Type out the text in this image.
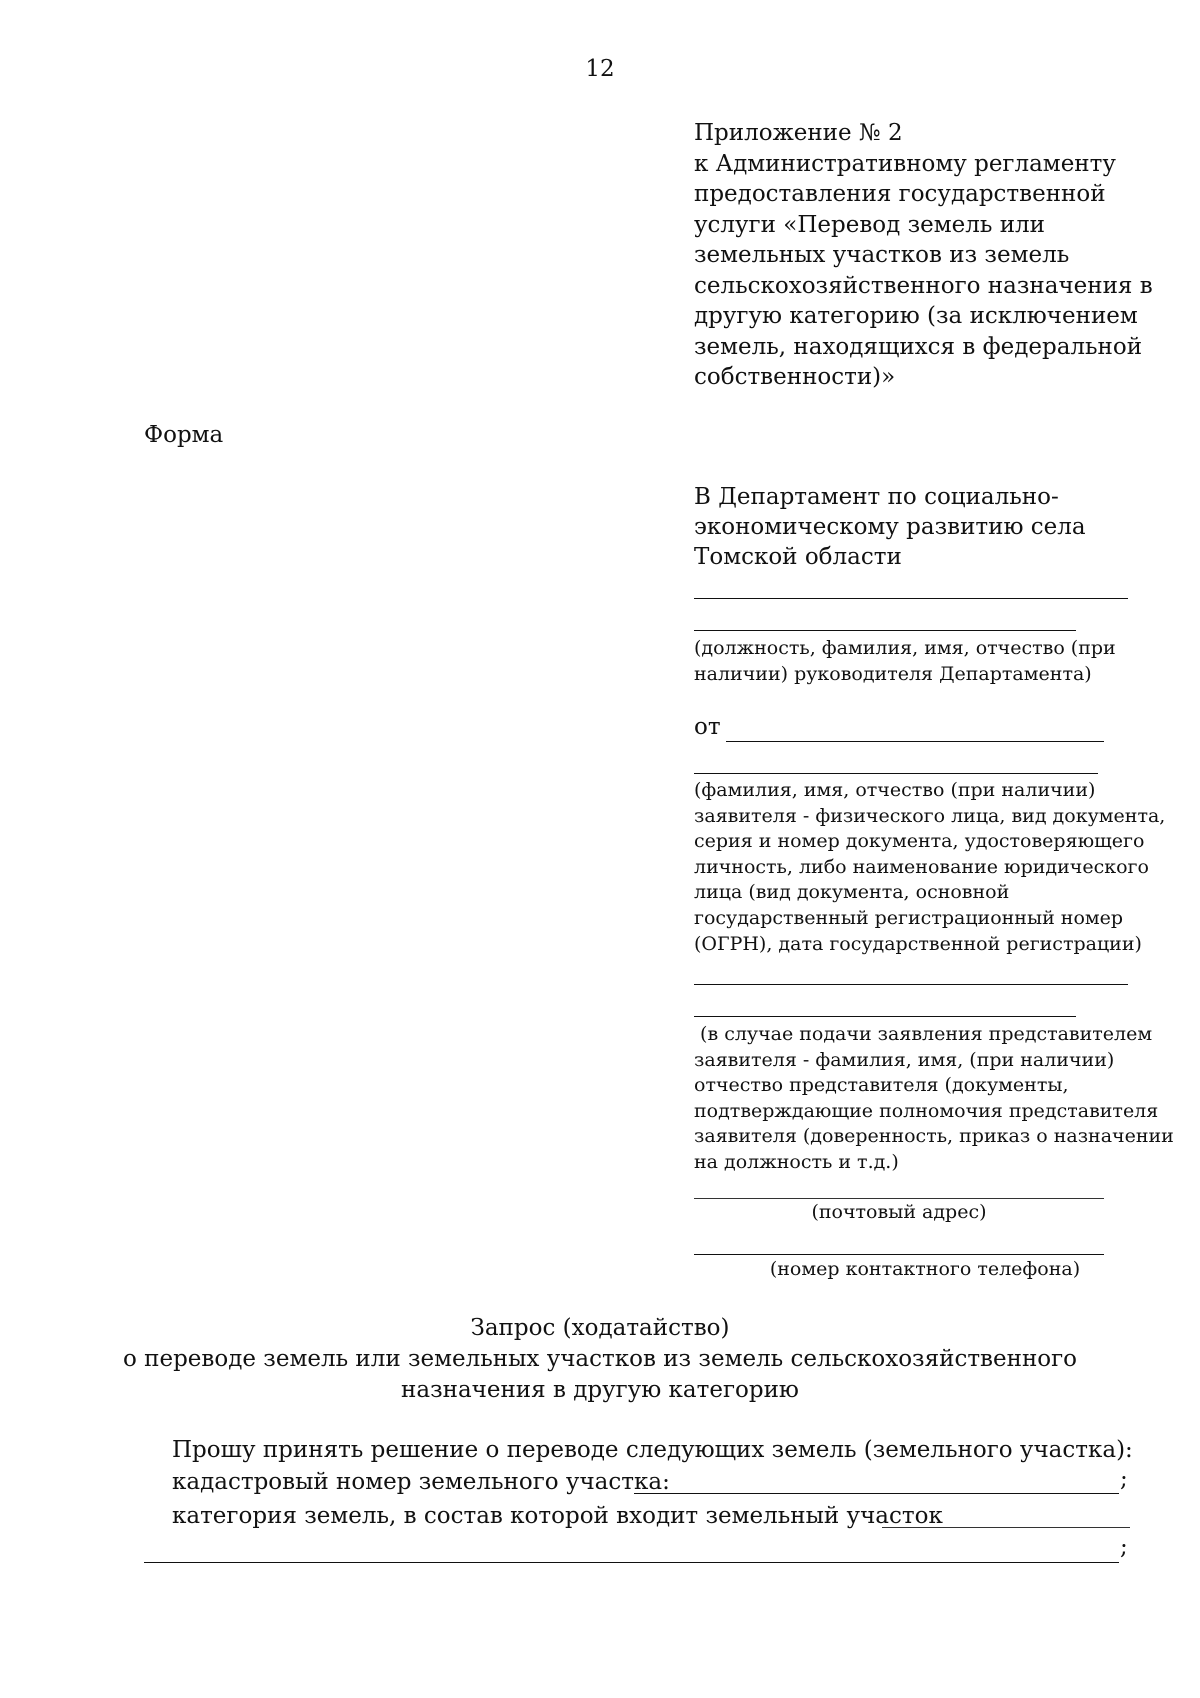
12
Приложение № 2
к Административному регламенту
предоставления государственной
услуги «Перевод земель или
земельных участков из земель
сельскохозяйственного назначения в
другую категорию (за исключением
земель, находящихся в федеральной
собственности)»
Форма
В Департамент по социально-
экономическому развитию села
Томской области
(должность, фамилия, имя, отчество (при
наличии) руководителя Департамента)
от
(фамилия, имя, отчество (при наличии)
заявителя - физического лица, вид документа,
серия и номер документа, удостоверяющего
личность, либо наименование юридического
лица (вид документа, основной
государственный регистрационный номер
(ОГРН), дата государственной регистрации)
(в случае подачи заявления представителем
заявителя - фамилия, имя, (при наличии)
отчество представителя (документы,
подтверждающие полномочия представителя
заявителя (доверенность, приказ о назначении
на должность и т.д.)
(почтовый адрес)
(номер контактного телефона)
Запрос (ходатайство)
о переводе земель или земельных участков из земель сельскохозяйственного
назначения в другую категорию
Прошу принять решение о переводе следующих земель (земельного участка):
кадастровый номер земельного участка:	;
категория земель, в состав которой входит земельный участок
;
